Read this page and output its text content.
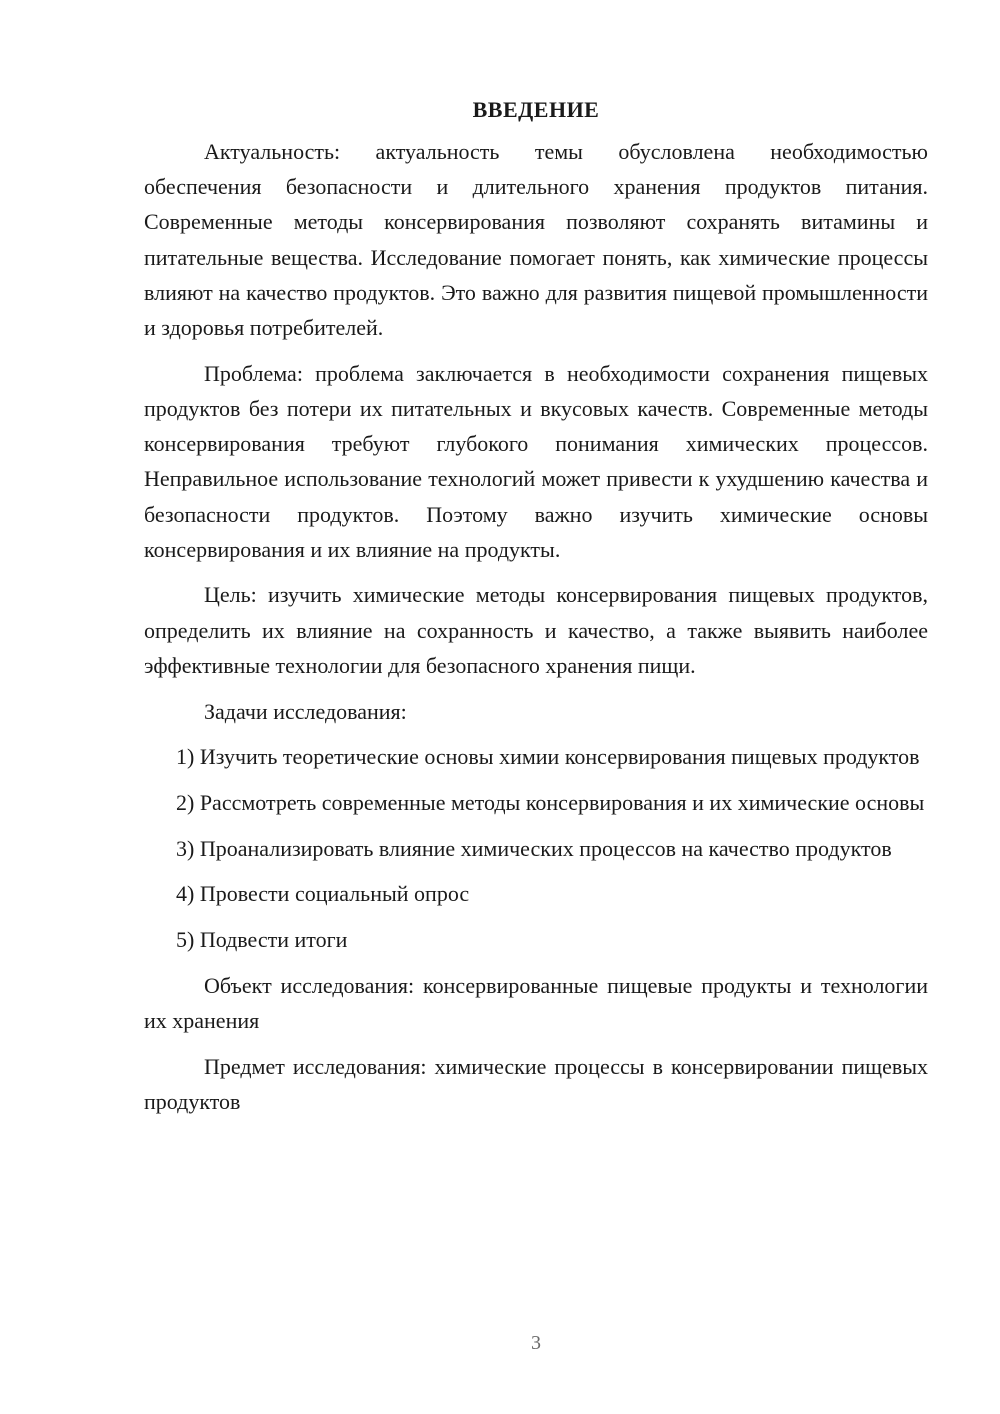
ВВЕДЕНИЕ

Актуальность: актуальность темы обусловлена необходимостью обеспечения безопасности и длительного хранения продуктов питания. Современные методы консервирования позволяют сохранять витамины и питательные вещества. Исследование помогает понять, как химические процессы влияют на качество продуктов. Это важно для развития пищевой промышленности и здоровья потребителей.

Проблема: проблема заключается в необходимости сохранения пищевых продуктов без потери их питательных и вкусовых качеств. Современные методы консервирования требуют глубокого понимания химических процессов. Неправильное использование технологий может привести к ухудшению качества и безопасности продуктов. Поэтому важно изучить химические основы консервирования и их влияние на продукты.

Цель: изучить химические методы консервирования пищевых продуктов, определить их влияние на сохранность и качество, а также выявить наиболее эффективные технологии для безопасного хранения пищи.

Задачи исследования:

1) Изучить теоретические основы химии консервирования пищевых продуктов

2) Рассмотреть современные методы консервирования и их химические основы

3) Проанализировать влияние химических процессов на качество продуктов

4) Провести социальный опрос

5) Подвести итоги

Объект исследования: консервированные пищевые продукты и технологии их хранения

Предмет исследования: химические процессы в консервировании пищевых продуктов

3
